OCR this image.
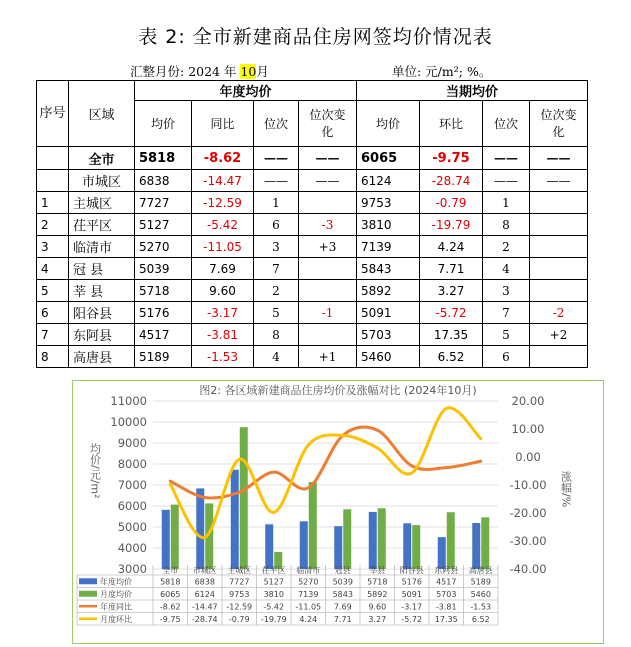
表 2: 全市新建商品住房网签均价情况表
汇整月份: 2024 年 10月	单位: 元/m²; %。
序号	区域	年度均价				当期均价			
		均价	同比	位次	位次变化	均价	环比	位次	位次变化
	全市	5818	-8.62	——	——	6065	-9.75	——	——
	市城区	6838	-14.47	——	——	6124	-28.74	——	——
1	主城区	7727	-12.59	1		9753	-0.79	1	
2	茌平区	5127	-5.42	6	-3	3810	-19.79	8	
3	临清市	5270	-11.05	3	+3	7139	4.24	2	
4	冠 县	5039	7.69	7		5843	7.71	4	
5	莘 县	5718	9.60	2		5892	3.27	3	
6	阳谷县	5176	-3.17	5	-1	5091	-5.72	7	-2
7	东阿县	4517	-3.81	8		5703	17.35	5	+2
8	高唐县	5189	-1.53	4	+1	5460	6.52	6	
图2: 各区域新建商品住房均价及涨幅对比 (2024年10月)
11000
10000
9000
8000
7000
6000
5000
4000
3000
20.00
10.00
0.00
-10.00
-20.00
-30.00
-40.00
均价/元/m²	涨幅/%
全市 市城区 主城区 茌平区 临清市 冠县 莘县 阳谷县 东阿县 高唐县
年度均价	5818 6838 7727 5127 5270 5039 5718 5176 4517 5189
月度均价	6065 6124 9753 3810 7139 5843 5892 5091 5703 5460
年度同比	-8.62 -14.47 -12.59 -5.42 -11.05 7.69 9.60 -3.17 -3.81 -1.53
月度环比	-9.75 -28.74 -0.79 -19.79 4.24 7.71 3.27 -5.72 17.35 6.52
